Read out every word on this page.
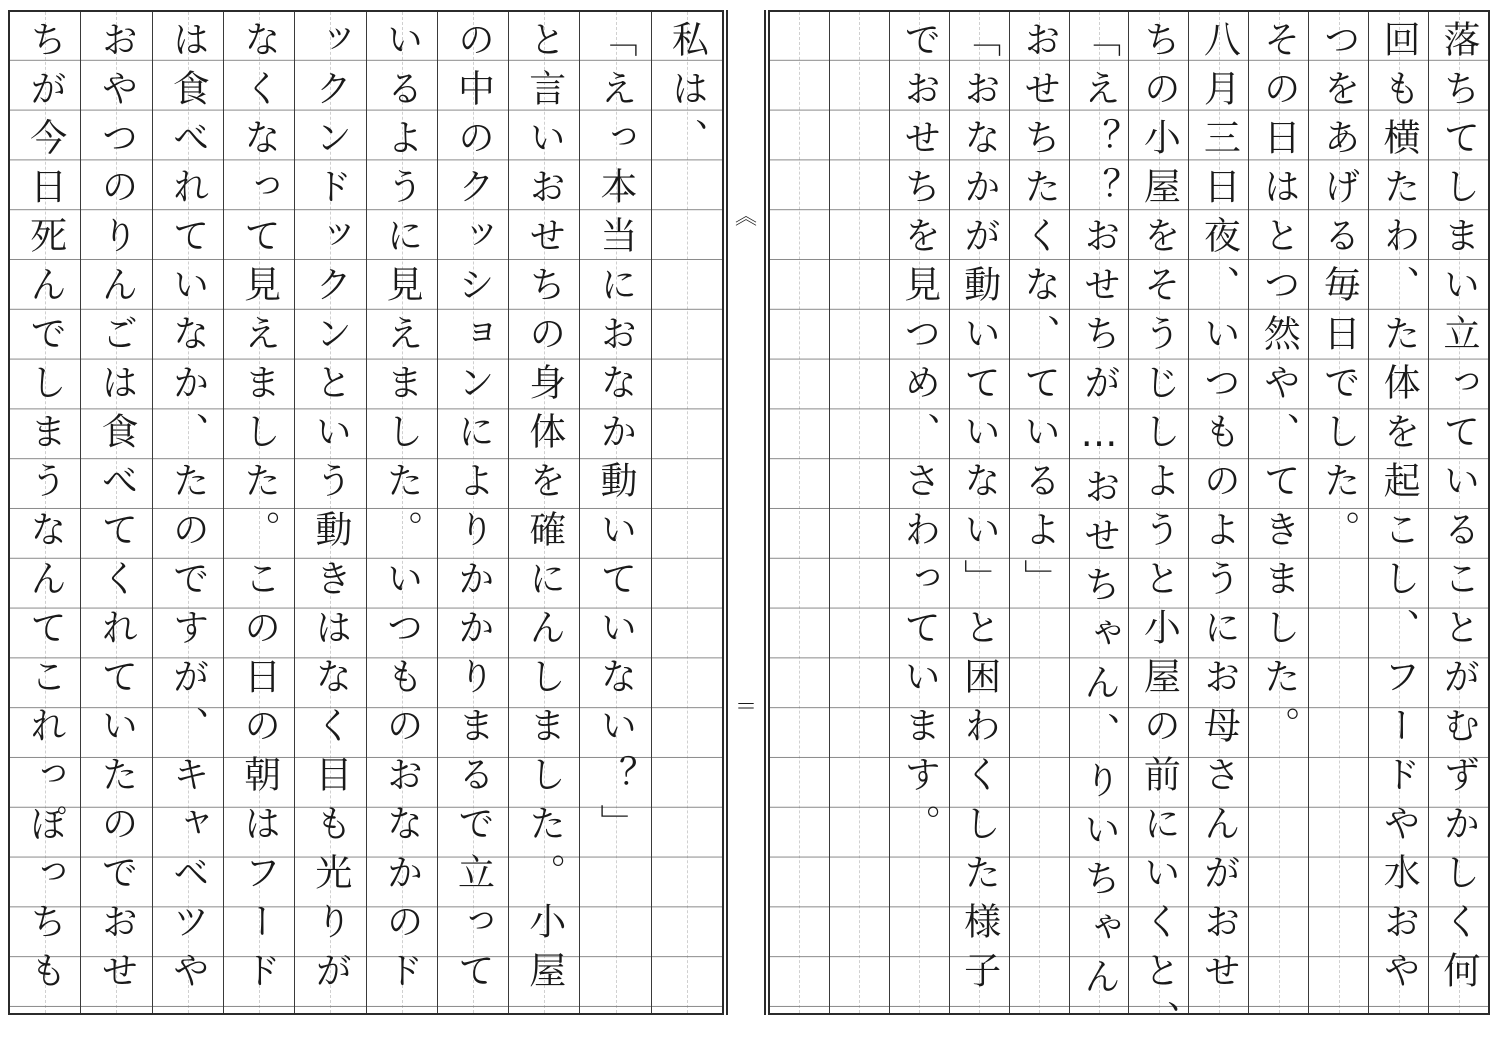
落ちてしまい立っていることがむずかしく何
回も横たわ、た体を起こし、フードや水おや
つをあげる毎日でした。
その日はとつ然や、てきました。
八月三日夜、いつものようにお母さんがおせ
ちの小屋をそうじしようと小屋の前にいくと、
「え？？おせちが…おせちゃん、りいちゃん
おせちたくな、ているよ」
「おなかが動いていない」と困わくした様子
でおせちを見つめ、さわっています。
︽
＝
私は、
「えっ本当におなか動いていない？」
と言いおせちの身体を確にんしました。小屋
の中のクッションによりかかりまるで立って
いるように見えました。いつものおなかのド
ックンドックンという動きはなく目も光りが
なくなって見えました。この日の朝はフード
は食べれていなか、たのですが、キャベツや
おやつのりんごは食べてくれていたのでおせ
ちが今日死んでしまうなんてこれっぽっちも
